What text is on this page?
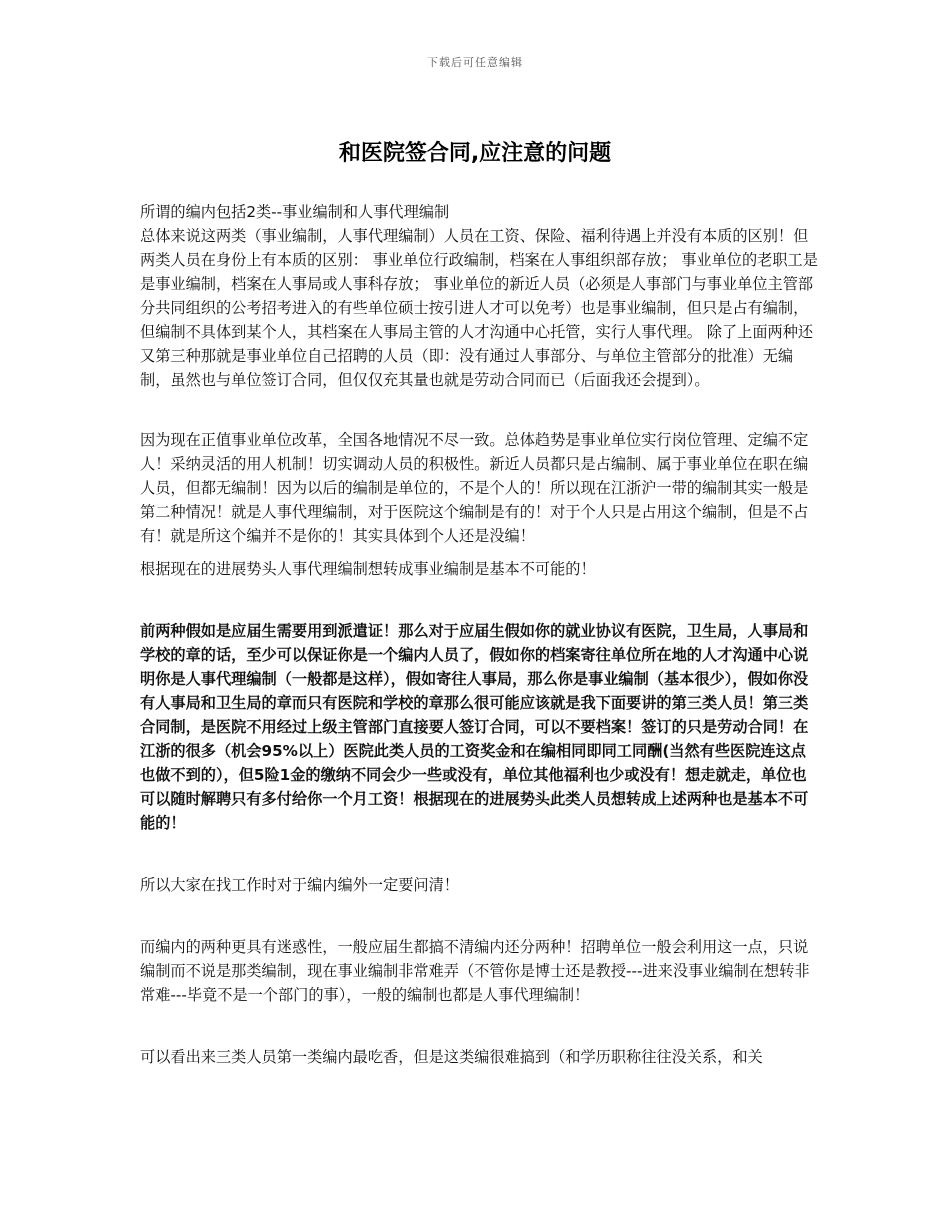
下载后可任意编辑
和医院签合同,应注意的问题

所谓的编内包括2类--事业编制和人事代理编制

总体来说这两类（事业编制，人事代理编制）人员在工资、保险、福利待遇上并没有本质的区别！但两类人员在身份上有本质的区别： 事业单位行政编制，档案在人事组织部存放； 事业单位的老职工是是事业编制，档案在人事局或人事科存放； 事业单位的新近人员（必须是人事部门与事业单位主管部分共同组织的公考招考进入的有些单位硕士按引进人才可以免考）也是事业编制，但只是占有编制，但编制不具体到某个人，其档案在人事局主管的人才沟通中心托管，实行人事代理。 除了上面两种还又第三种那就是事业单位自己招聘的人员（即：没有通过人事部分、与单位主管部分的批准）无编制，虽然也与单位签订合同，但仅仅充其量也就是劳动合同而已（后面我还会提到）。

因为现在正值事业单位改革，全国各地情况不尽一致。总体趋势是事业单位实行岗位管理、定编不定人！采纳灵活的用人机制！切实调动人员的积极性。新近人员都只是占编制、属于事业单位在职在编人员，但都无编制！因为以后的编制是单位的，不是个人的！所以现在江浙沪一带的编制其实一般是第二种情况！就是人事代理编制，对于医院这个编制是有的！对于个人只是占用这个编制，但是不占有！就是所这个编并不是你的！其实具体到个人还是没编！

根据现在的进展势头人事代理编制想转成事业编制是基本不可能的！

前两种假如是应届生需要用到派遣证！那么对于应届生假如你的就业协议有医院，卫生局，人事局和学校的章的话，至少可以保证你是一个编内人员了，假如你的档案寄往单位所在地的人才沟通中心说明你是人事代理编制（一般都是这样），假如寄往人事局，那么你是事业编制（基本很少），假如你没有人事局和卫生局的章而只有医院和学校的章那么很可能应该就是我下面要讲的第三类人员！第三类合同制，是医院不用经过上级主管部门直接要人签订合同，可以不要档案！签订的只是劳动合同！在江浙的很多（机会95%以上）医院此类人员的工资奖金和在编相同即同工同酬(当然有些医院连这点也做不到的），但5险1金的缴纳不同会少一些或没有，单位其他福利也少或没有！想走就走，单位也可以随时解聘只有多付给你一个月工资！根据现在的进展势头此类人员想转成上述两种也是基本不可能的！

所以大家在找工作时对于编内编外一定要问清！

而编内的两种更具有迷惑性，一般应届生都搞不清编内还分两种！招聘单位一般会利用这一点，只说编制而不说是那类编制，现在事业编制非常难弄（不管你是博士还是教授---进来没事业编制在想转非常难---毕竟不是一个部门的事），一般的编制也都是人事代理编制！

可以看出来三类人员第一类编内最吃香，但是这类编很难搞到（和学历职称往往没关系，和关
